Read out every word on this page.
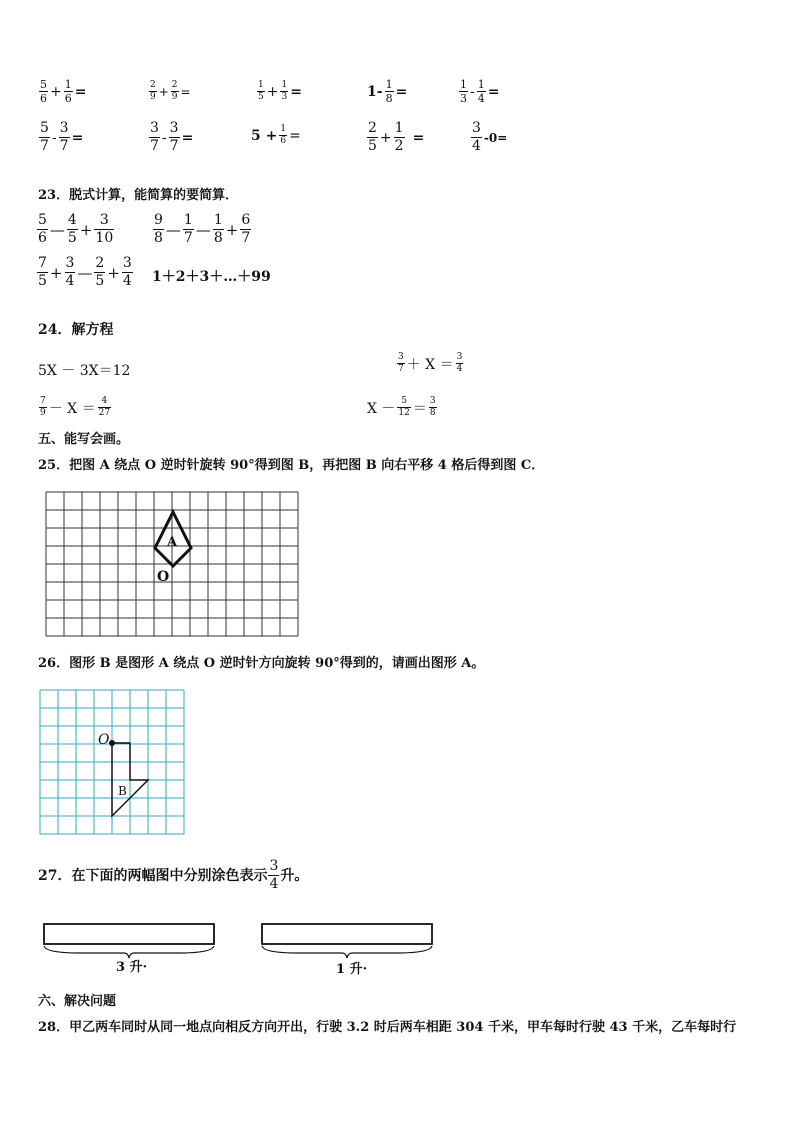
$\frac{5}{6} + \frac{1}{6}$ =	$\frac{2}{9} + \frac{2}{9}$ =	$\frac{1}{5} + \frac{1}{3}$ =	$1- \frac{1}{8}$ =	$\frac{1}{3} - \frac{1}{4}$ =
$\frac{5}{7} - \frac{3}{7}$ =	$\frac{3}{7} - \frac{3}{7}$ =	$5 + \frac{1}{6}$ =	$\frac{2}{5} + \frac{1}{2}$ =	$\frac{3}{4} -0=$
23．脱式计算，能简算的要简算．
$\frac{5}{6}$ — $\frac{4}{5} + \frac{3}{10}$	$\frac{9}{8}$ — $\frac{1}{7}$ — $\frac{1}{8} + \frac{6}{7}$
$\frac{7}{5} + \frac{3}{4}$ — $\frac{2}{5} + \frac{3}{4}$ 1＋2＋3＋…＋99
24．解方程
5X － 3X＝12	$\frac{3}{7} + X = \frac{3}{4}$
$\frac{7}{9} - X = \frac{4}{27}$	$X - \frac{5}{12} = \frac{3}{8}$
五、能写会画。
25．把图 A 绕点 O 逆时针旋转 90°得到图 B，再把图 B 向右平移 4 格后得到图 C．
A
O
26．图形 B 是图形 A 绕点 O 逆时针方向旋转 90°得到的，请画出图形 A。
O
B
27．在下面的两幅图中分别涂色表示 $\frac{3}{4}$ 升。
3 升·	1 升·
六、解决问题
28．甲乙两车同时从同一地点向相反方向开出，行驶 3.2 时后两车相距 304 千米，甲车每时行驶 43 千米，乙车每时行
